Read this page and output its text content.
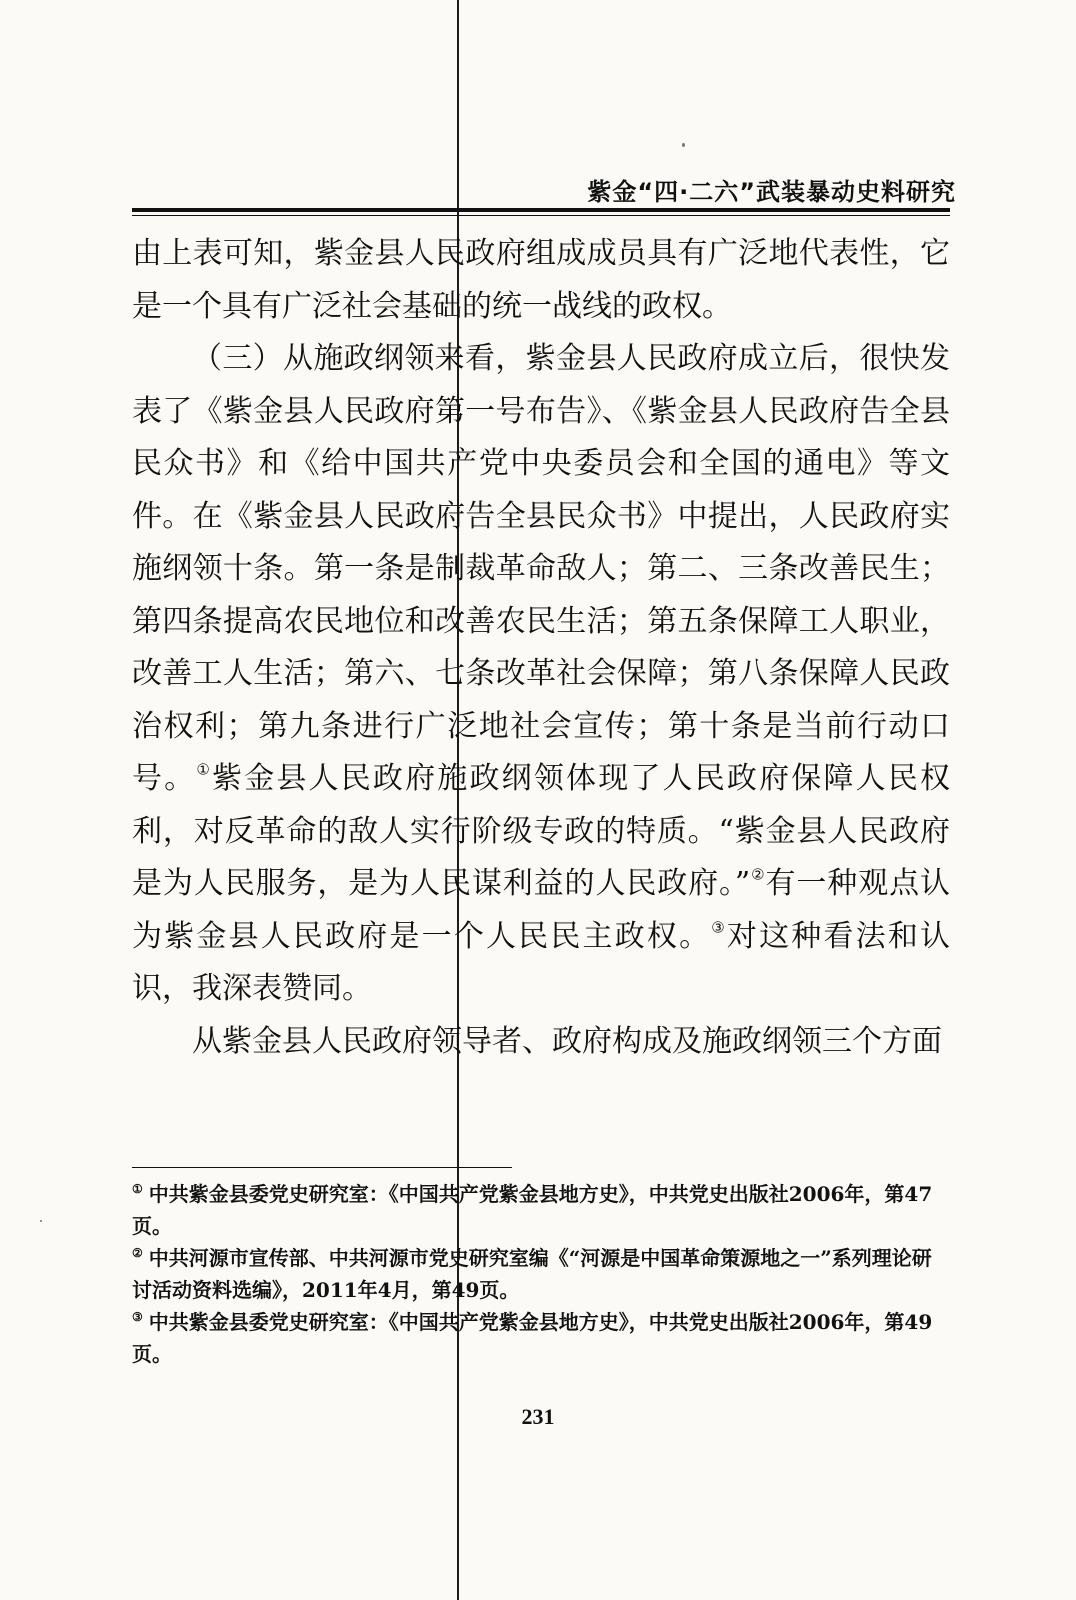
紫金“四·二六”武装暴动史料研究

由上表可知，紫金县人民政府组成成员具有广泛地代表性，它是一个具有广泛社会基础的统一战线的政权。

（三）从施政纲领来看，紫金县人民政府成立后，很快发表了《紫金县人民政府第一号布告》、《紫金县人民政府告全县民众书》和《给中国共产党中央委员会和全国的通电》等文件。在《紫金县人民政府告全县民众书》中提出，人民政府实施纲领十条。第一条是制裁革命敌人；第二、三条改善民生；第四条提高农民地位和改善农民生活；第五条保障工人职业，改善工人生活；第六、七条改革社会保障；第八条保障人民政治权利；第九条进行广泛地社会宣传；第十条是当前行动口号。①紫金县人民政府施政纲领体现了人民政府保障人民权利，对反革命的敌人实行阶级专政的特质。“紫金县人民政府是为人民服务，是为人民谋利益的人民政府。”②有一种观点认为紫金县人民政府是一个人民民主政权。③对这种看法和认识，我深表赞同。

从紫金县人民政府领导者、政府构成及施政纲领三个方面

① 中共紫金县委党史研究室：《中国共产党紫金县地方史》，中共党史出版社2006年，第47页。

② 中共河源市宣传部、中共河源市党史研究室编《“河源是中国革命策源地之一”系列理论研讨活动资料选编》，2011年4月，第49页。

③ 中共紫金县委党史研究室：《中国共产党紫金县地方史》，中共党史出版社2006年，第49页。

231
